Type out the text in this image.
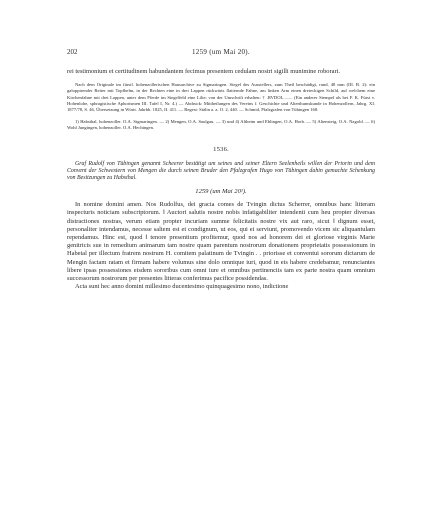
202	1259 (um Mai 20).

rei testimonium et certitudinem habundantem fecimus presentem cedulam nostri sigilli munimine roborari.

Nach dem Originale im fürstl. hohenzollerischen Hausarchive zu Sigmaringen. Siegel des Ausstellers, zum Theil beschädigt, rund, 48 mm (III. B. 2): ein galoppirender Reiter mit Topfhelm, in der Rechten eine in drei Lappen rückwärts flatternde Fahne, am linken Arm einen dreieckigen Schild, auf welchem eine Kirchenfahne mit drei Lappen, unter dem Pferde im Siegelfeld eine Lilie; von der Umschrift erhalten: † .RVDOL........ (Ein anderer Stempel als bei F. K. Fürst v. Hohenlohe, sphragistische Aphorismen III. Tafel I, Nr. 4.) — Abdruck: Mittheilungen des Vereins f. Geschichte und Alterthumskunde in Hohenzollern, Jahrg. XI. 1877/78, S. 46, Übersetzung in Württ. Jahrbb. 1825, II. 411. — Regest: Stälin a. a. O. 2, 440. — Schmid, Pfalzgrafen von Tübingen 168.

1) Habsthal, hohenzoller. O.A. Sigmaringen. — 2) Mengen, O.A. Saulgau. — 3) und 4) Altheim und Eblingen, O.A. Horb. — 5) Altensteig, O.A. Nagold. — 6) Wohl Jungingen, hohenzoller. O.A. Hechingen.

1536.

Graf Rudolf von Tübingen genannt Scheerer bestätigt um seines und seiner Eltern Seelenheils willen der Priorin und dem Convent der Schwestern von Mengen die durch seinen Bruder den Pfalzgrafen Hugo von Tübingen dahin gemachte Schenkung von Besitzungen zu Habsthal.

1259 (um Mai 20¹).

In nomine domini amen. Nos Rudolfus, dei gracia comes de Tvingin dictus Scherrer, omnibus hanc litteram inspecturis noticiam subscriptorum. ‖ Auctori salutis nostre nobis infatigabiliter intendenti cum heu propter diversas distractiones nostras, verum etiam propter incuriam summe felicitatis nostre vix aut raro, sicut ‖ dignum esset, personaliter intendamus, necesse saltem est et condignum, ut eos, qui ei serviunt, promovendo vicem sic aliquantulam rependamus. Hinc est, quod ‖ tenore presentium profitemur, quod nos ad honorem dei et gloriose virginis Marie genitricis sue in remedium animarum tam nostre quam parentum nostrorum donationem proprietatis possessionum in Habetal per illectum fratrem nostrum H. comitem palatinum de Tvingin . . priorisse et conventui sororum dictarum de Mengin factam ratam et firmam habere volumus sine dolo omnique iuri, quod in eis habere credebamur, renunciantes libere ipsas possessiones eisdem sororibus cum omni iure et omnibus pertinenciis tam ex parte nostra quam omnium successorum nostrorum per presentes litteras conferimus pacifice possidendas.

Acta sunt hec anno domini millesimo ducentesimo quinquagesimo nono, indictione
